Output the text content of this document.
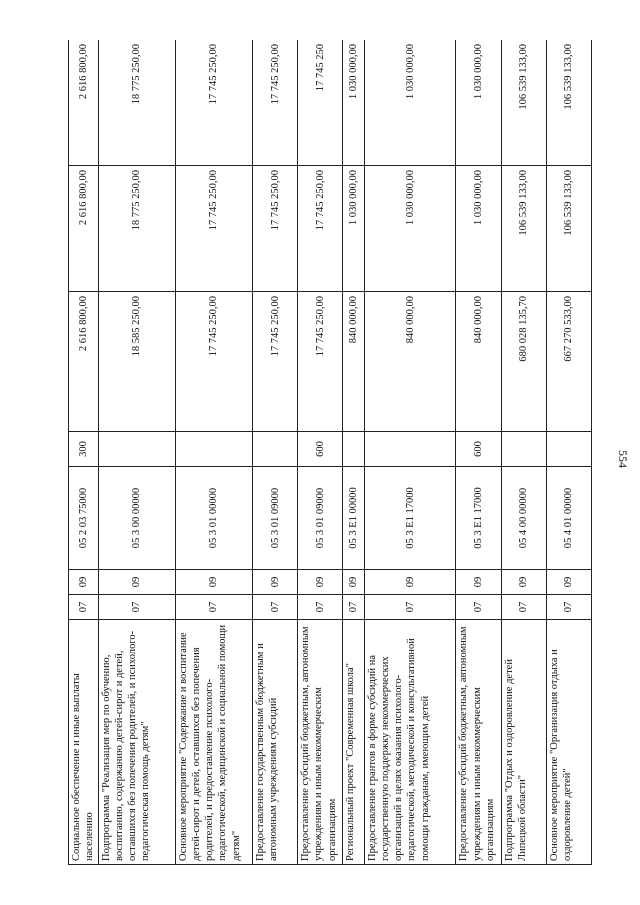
554
Социальное обеспечение и иные выплаты населению	07	09	05 2 03 75000	300	2 616 800,00	2 616 800,00	2 616 800,00
Подпрограмма "Реализация мер по обучению, воспитанию, содержанию детей-сирот и детей, оставшихся без попечения родителей, и психолого-педагогическая помощь детям"	07	09	05 3 00 00000		18 585 250,00	18 775 250,00	18 775 250,00
Основное мероприятие "Содержание и воспитание детей-сирот и детей, оставшихся без попечения родителей, и предоставление психолого-педагогической, медицинской и социальной помощи детям"	07	09	05 3 01 00000		17 745 250,00	17 745 250,00	17 745 250,00
Предоставление государственным бюджетным и автономным учреждениям субсидий	07	09	05 3 01 09000		17 745 250,00	17 745 250,00	17 745 250,00
Предоставление субсидий бюджетным, автономным учреждениям и иным некоммерческим организациям	07	09	05 3 01 09000	600	17 745 250,00	17 745 250,00	17 745 250
Региональный проект "Современная школа"	07	09	05 3 E1 00000		840 000,00	1 030 000,00	1 030 000,00
Предоставление грантов в форме субсидий на государственную поддержку некоммерческих организаций в целях оказания психолого-педагогической, методической и консультативной помощи гражданам, имеющим детей	07	09	05 3 E1 17000		840 000,00	1 030 000,00	1 030 000,00
Предоставление субсидий бюджетным, автономным учреждениям и иным некоммерческим организациям	07	09	05 3 E1 17000	600	840 000,00	1 030 000,00	1 030 000,00
Подпрограмма "Отдых и оздоровление детей Липецкой области"	07	09	05 4 00 00000		680 028 135,70	106 539 133,00	106 539 133,00
Основное мероприятие "Организация отдыха и оздоровление детей"	07	09	05 4 01 00000		667 270 533,00	106 539 133,00	106 539 133,00
